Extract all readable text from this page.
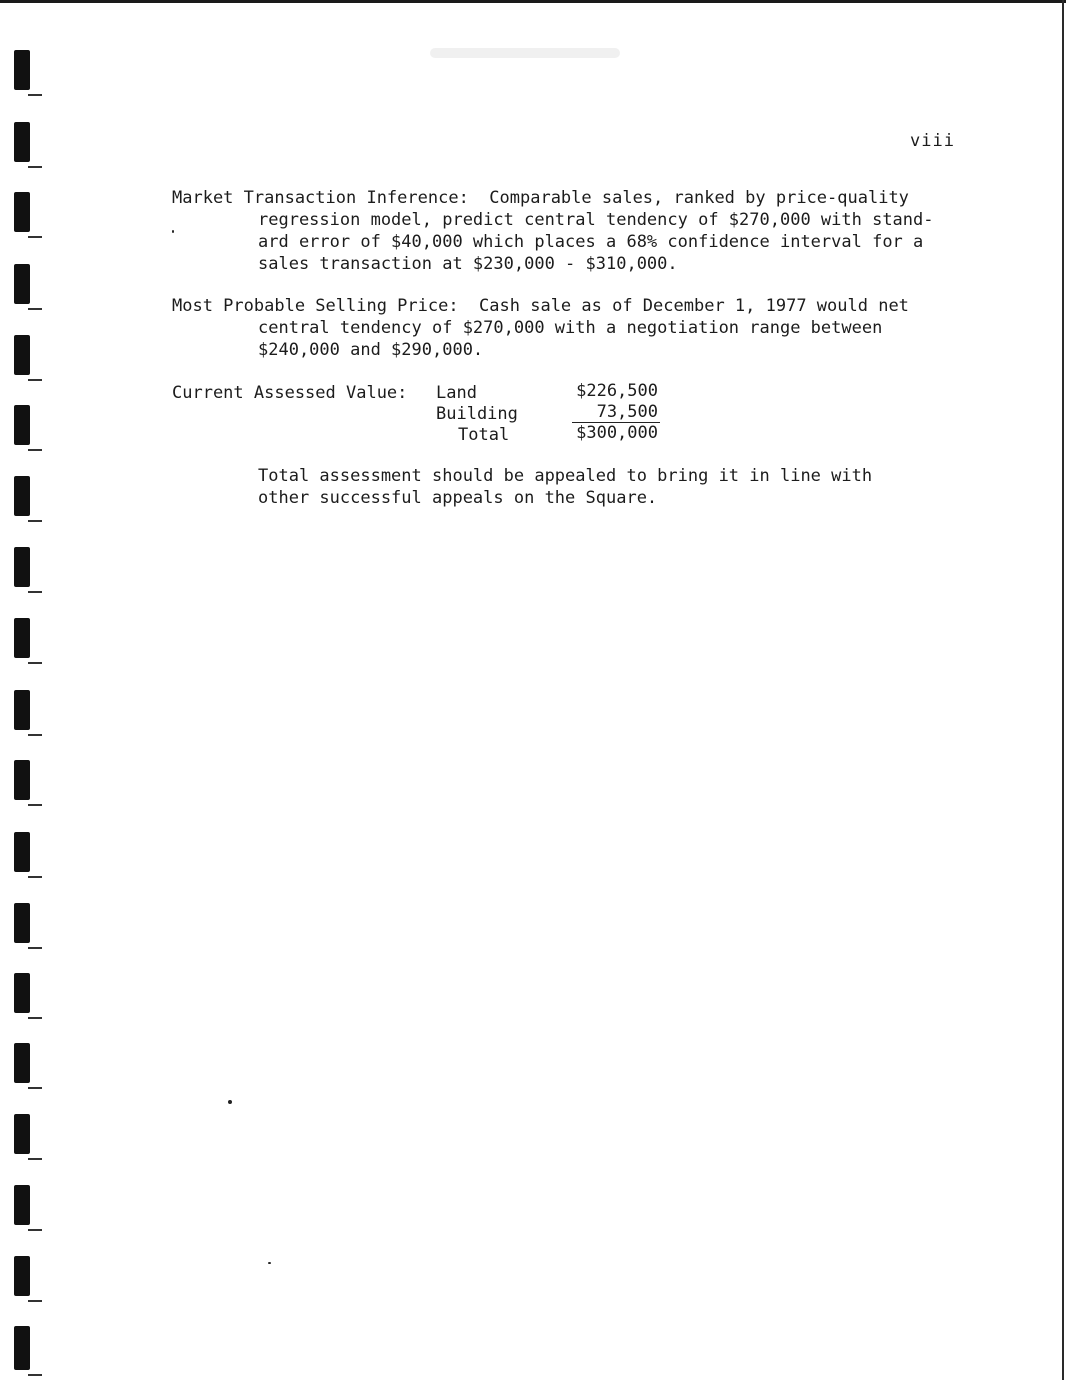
viii
Market Transaction Inference:  Comparable sales, ranked by price-quality
regression model, predict central tendency of $270,000 with stand-
ard error of $40,000 which places a 68% confidence interval for a
sales transaction at $230,000 - $310,000.
Most Probable Selling Price:  Cash sale as of December 1, 1977 would net
central tendency of $270,000 with a negotiation range between
$240,000 and $290,000.
Current Assessed Value: Land	$226,500
Building	73,500
Total	$300,000
Total assessment should be appealed to bring it in line with
other successful appeals on the Square.
